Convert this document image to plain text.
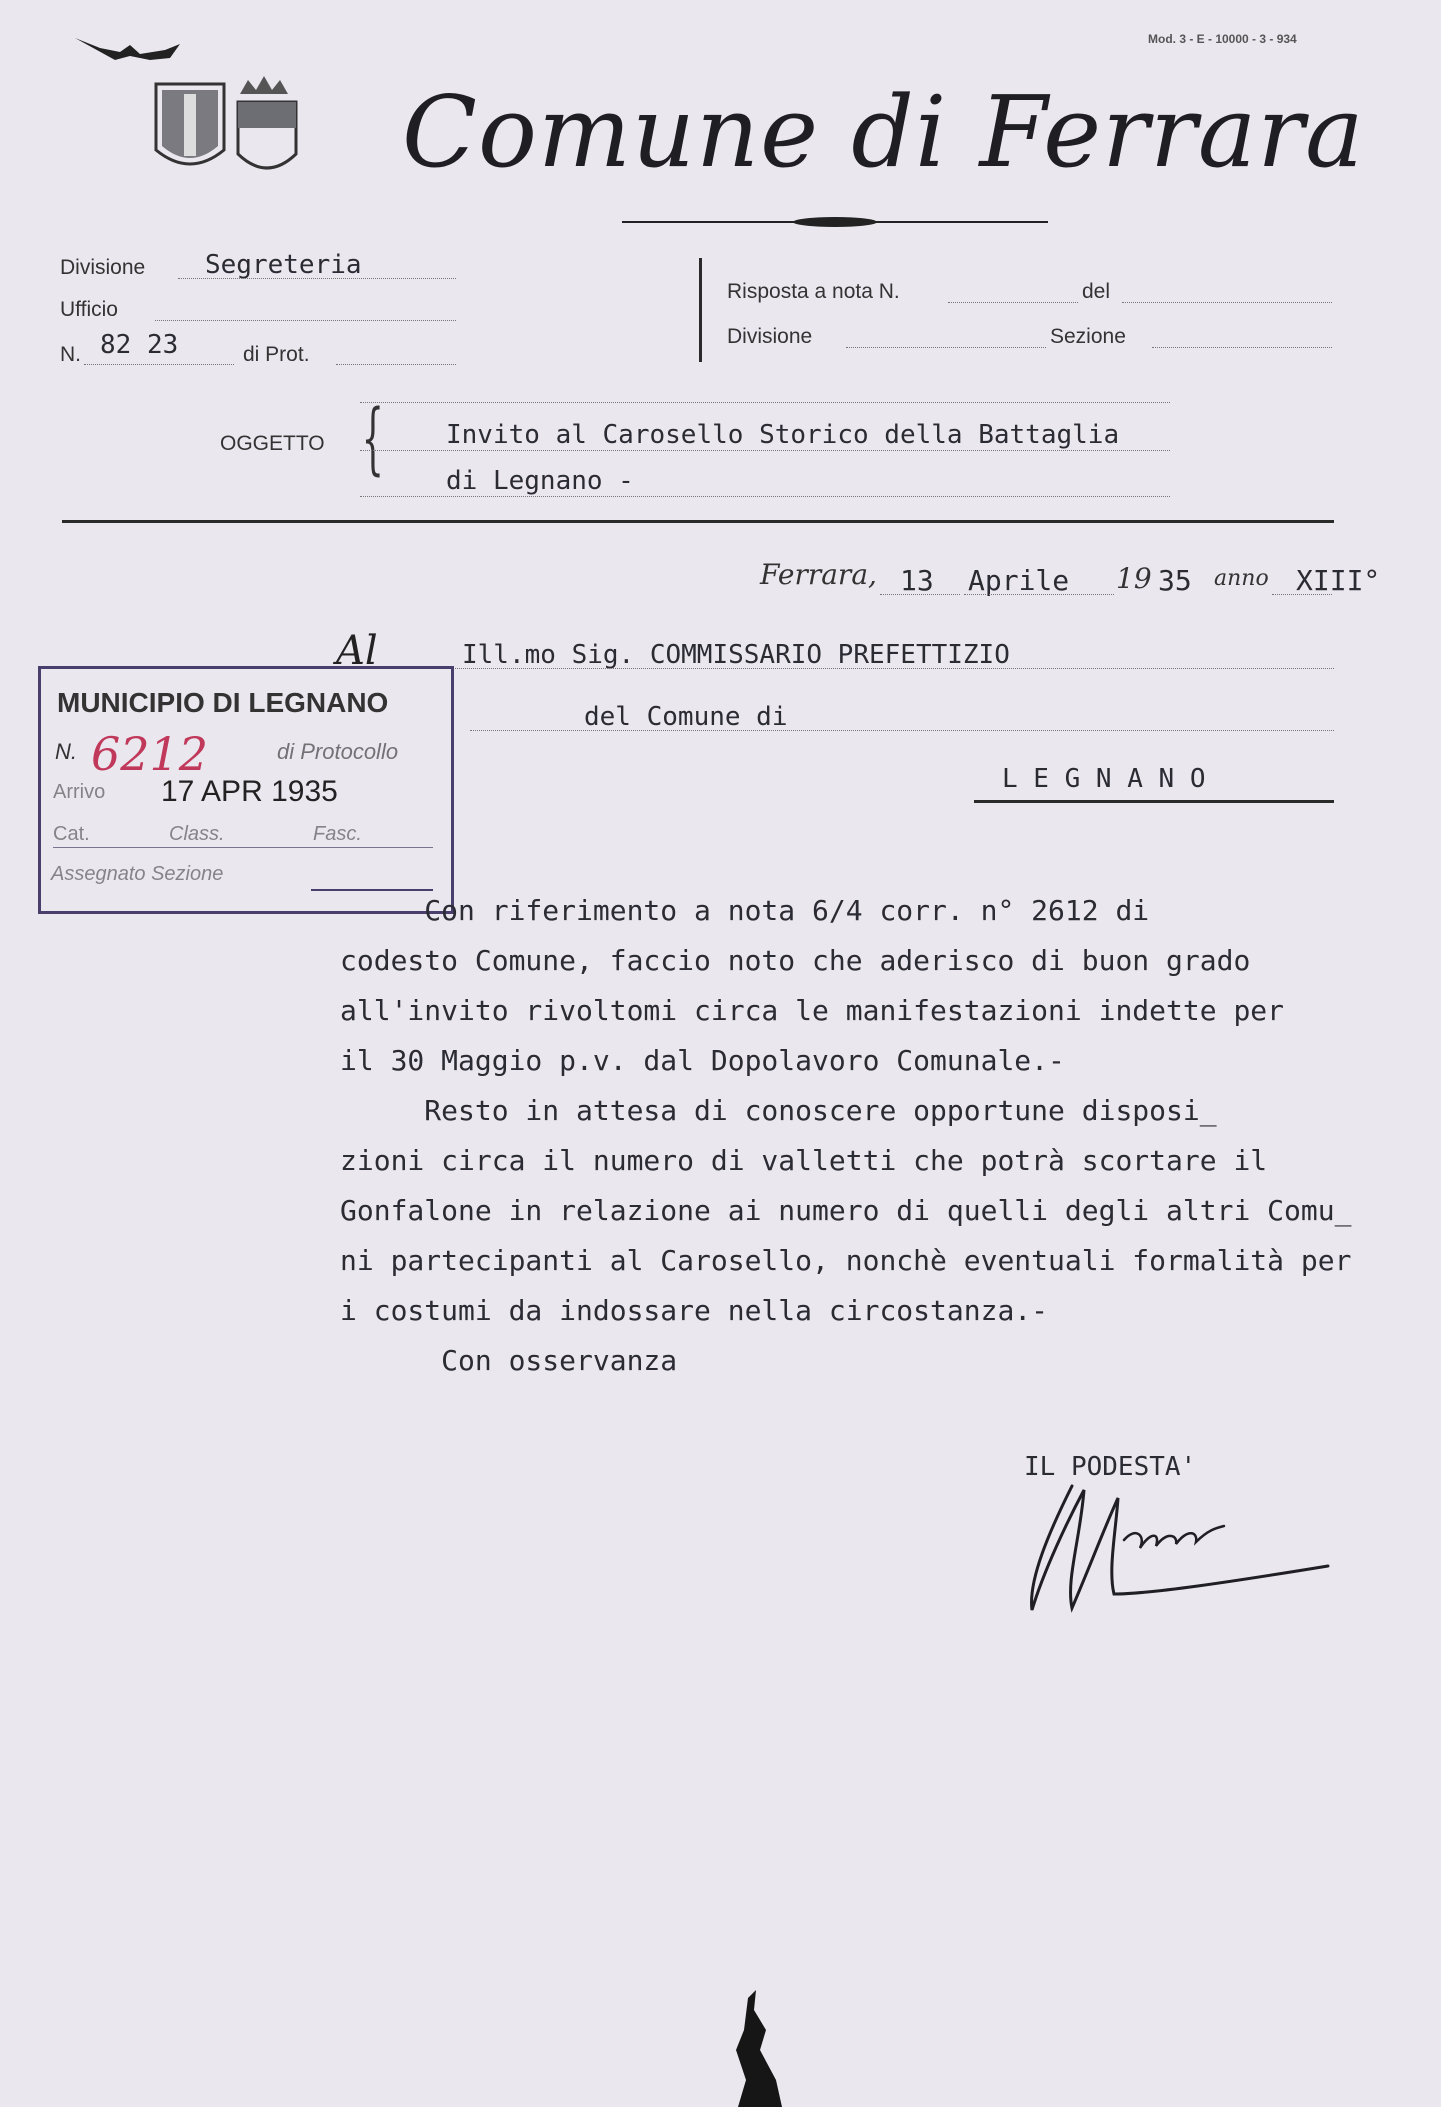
Mod. 3 - E - 10000 - 3 - 934
Comune di Ferrara
Divisione Segreteria
Ufficio
N. 82 23	di Prot.
Risposta a nota N.	del
Divisione	Sezione
OGGETTO { Invito al Carosello Storico della Battaglia
di Legnano -
Ferrara, 13 Aprile 19 35 anno XIII°
Al	Ill.mo Sig. COMMISSARIO PREFETTIZIO
del Comune di
L E G N A N O
MUNICIPIO DI LEGNANO
N. 6212	di Protocollo
Arrivo 17 APR 1935
Cat.	Class.	Fasc.
Assegnato Sezione
Con riferimento a nota 6/4 corr. n° 2612 di
codesto Comune, faccio noto che aderisco di buon grado
all'invito rivoltomi circa le manifestazioni indette per
il 30 Maggio p.v. dal Dopolavoro Comunale.-
Resto in attesa di conoscere opportune disposi_
zioni circa il numero di valletti che potrà scortare il
Gonfalone in relazione ai numero di quelli degli altri Comu_
ni partecipanti al Carosello, nonchè eventuali formalità per
i costumi da indossare nella circostanza.-
Con osservanza
IL PODESTA'
